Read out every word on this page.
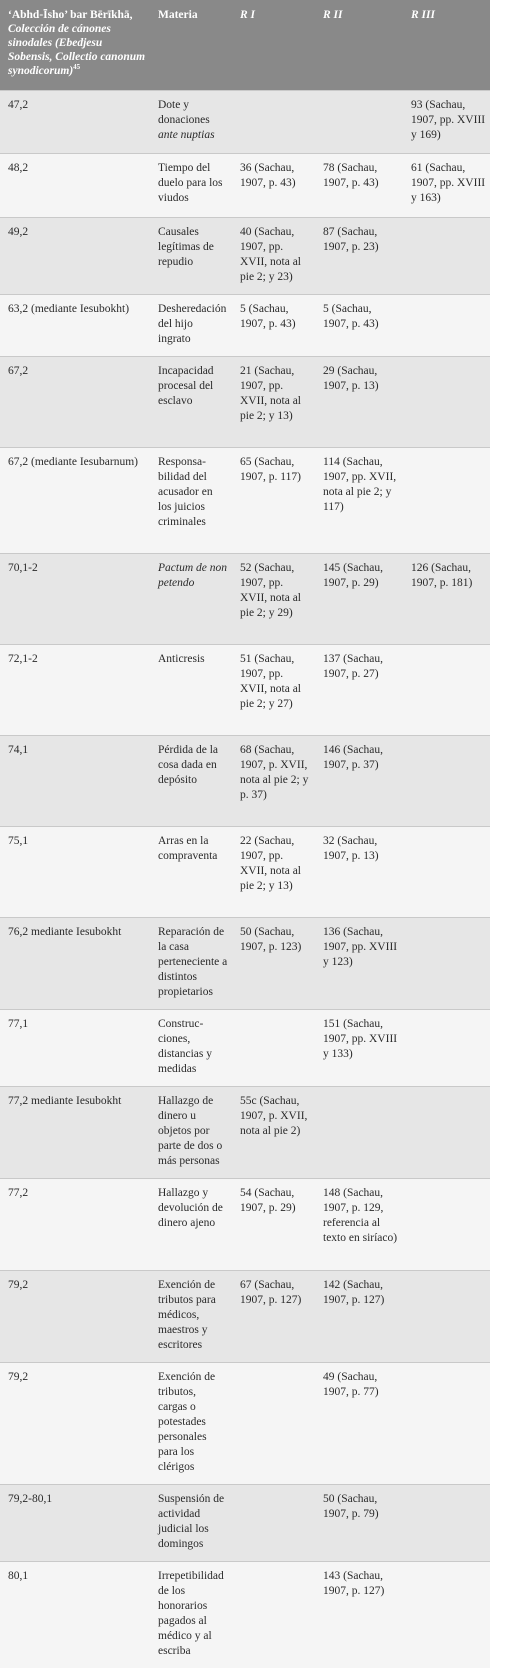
‘Abhd-Īsho’ bar Bērīkhā, Colección de cánones sinodales (Ebedjesu Sobensis, Collectio canonum synodicorum)$^{45}$	Materia	R I	R II	R III
47,2	Dote y donaciones ante nuptias			93 (Sachau, 1907, pp. XVIII y 169)
48,2	Tiempo del duelo para los viudos	36 (Sachau, 1907, p. 43)	78 (Sachau, 1907, p. 43)	61 (Sachau, 1907, pp. XVIII y 163)
49,2	Causales legítimas de repudio	40 (Sachau, 1907, pp. XVII, nota al pie 2; y 23)	87 (Sachau, 1907, p. 23)	
63,2 (mediante Iesubokht)	Desheredación del hijo ingrato	5 (Sachau, 1907, p. 43)	5 (Sachau, 1907, p. 43)	
67,2	Incapacidad procesal del esclavo	21 (Sachau, 1907, pp. XVII, nota al pie 2; y 13)	29 (Sachau, 1907, p. 13)	
67,2 (mediante Iesubarnum)	Responsabilidad del acusador en los juicios criminales	65 (Sachau, 1907, p. 117)	114 (Sachau, 1907, pp. XVII, nota al pie 2; y 117)	
70,1-2	Pactum de non petendo	52 (Sachau, 1907, pp. XVII, nota al pie 2; y 29)	145 (Sachau, 1907, p. 29)	126 (Sachau, 1907, p. 181)
72,1-2	Anticresis	51 (Sachau, 1907, pp. XVII, nota al pie 2; y 27)	137 (Sachau, 1907, p. 27)	
74,1	Pérdida de la cosa dada en depósito	68 (Sachau, 1907, p. XVII, nota al pie 2; y p. 37)	146 (Sachau, 1907, p. 37)	
75,1	Arras en la compraventa	22 (Sachau, 1907, pp. XVII, nota al pie 2; y 13)	32 (Sachau, 1907, p. 13)	
76,2 mediante Iesubokht	Reparación de la casa perteneciente a distintos propietarios	50 (Sachau, 1907, p. 123)	136 (Sachau, 1907, pp. XVIII y 123)	
77,1	Construcciones, distancias y medidas		151 (Sachau, 1907, pp. XVIII y 133)	
77,2 mediante Iesubokht	Hallazgo de dinero u objetos por parte de dos o más personas	55c (Sachau, 1907, p. XVII, nota al pie 2)		
77,2	Hallazgo y devolución de dinero ajeno	54 (Sachau, 1907, p. 29)	148 (Sachau, 1907, p. 129, referencia al texto en siríaco)	
79,2	Exención de tributos para médicos, maestros y escritores	67 (Sachau, 1907, p. 127)	142 (Sachau, 1907, p. 127)	
79,2	Exención de tributos, cargas o potestades personales para los clérigos		49 (Sachau, 1907, p. 77)	
79,2-80,1	Suspensión de actividad judicial los domingos		50 (Sachau, 1907, p. 79)	
80,1	Irrepetibilidad de los honorarios pagados al médico y al escriba		143 (Sachau, 1907, p. 127)	
